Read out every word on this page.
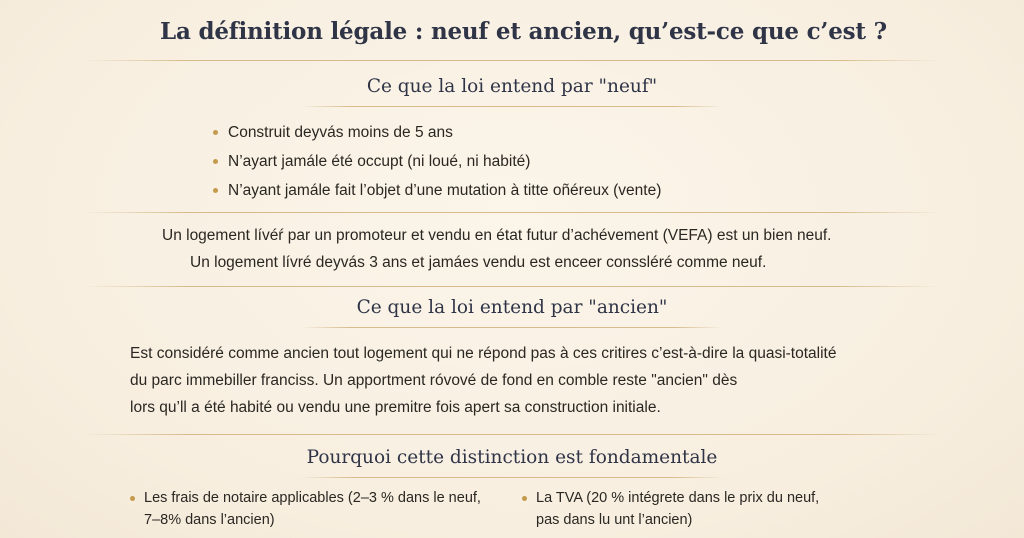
La définition légale : neuf et ancien, qu’est-ce que c’est ?
Ce que la loi entend par "neuf"
Construit deyvás moins de 5 ans
N’ayart jamále été occupt (ni loué, ni habité)
N’ayant jamále fait l’objet d’une mutation à titte oñéreux (vente)
Un logement lívéŕ par un promoteur et vendu en état futur d’achévement (VEFA) est un bien neuf.
Un logement lívré deyvás 3 ans et jamáes vendu est enceer conssléré comme neuf.
Ce que la loi entend par "ancien"
Est considéré comme ancien tout logement qui ne répond pas à ces critires c’est-à-dire la quasi-totalité
du parc immebiller franciss. Un apportment róvové de fond en comble reste "ancien" dès
lors qu’ll a été habité ou vendu une premitre fois apert sa construction initiale.
Pourquoi cette distinction est fondamentale
Les frais de notaire applicables (2–3 % dans le neuf,
7–8% dans l’ancien)
La TVA (20 % intégrete dans le prix du neuf,
pas dans lu unt l’ancien)
